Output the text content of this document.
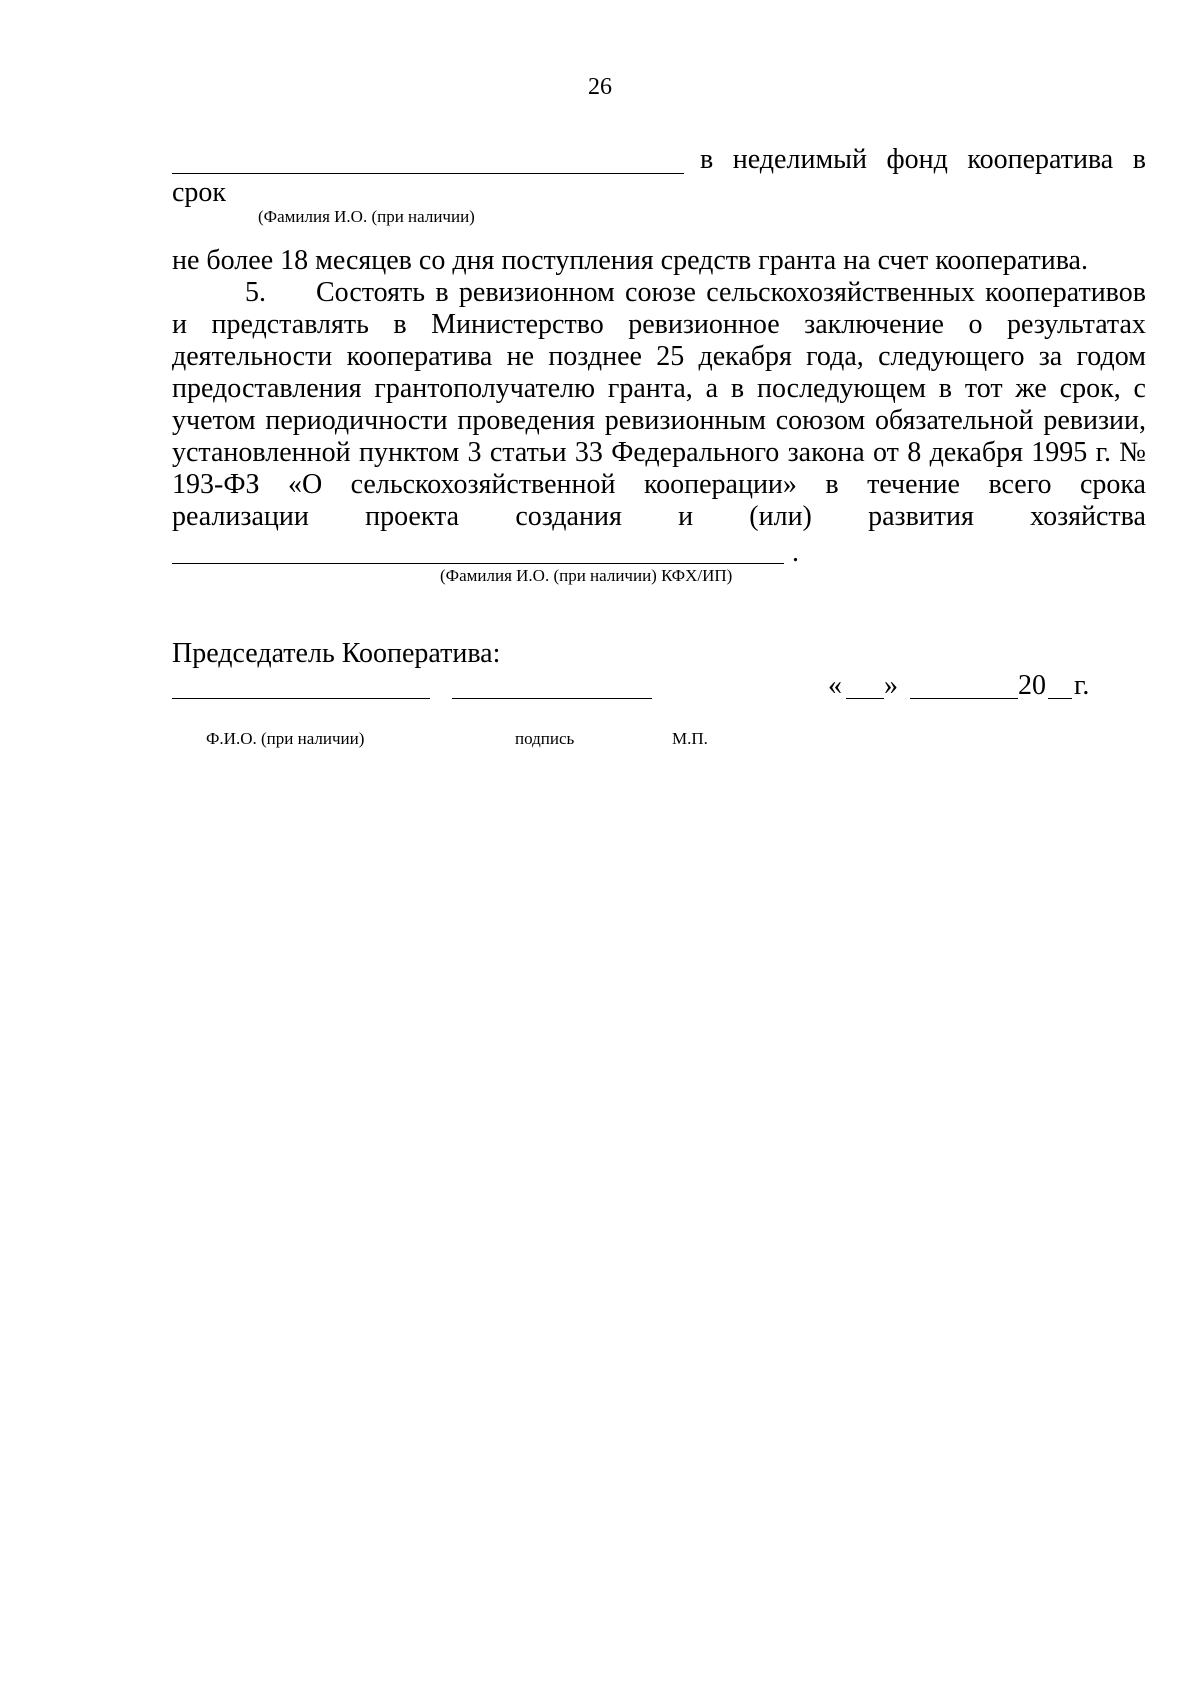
26
в неделимый фонд кооператива в
срок
(Фамилия И.О. (при наличии)
не более 18 месяцев со дня поступления средств гранта на счет кооператива.
5. Состоять в ревизионном союзе сельскохозяйственных кооперативов
и представлять в Министерство ревизионное заключение о результатах
деятельности кооператива не позднее 25 декабря года, следующего за годом
предоставления грантополучателю гранта, а в последующем в тот же срок, с
учетом периодичности проведения ревизионным союзом обязательной ревизии,
установленной пунктом 3 статьи 33 Федерального закона от 8 декабря 1995 г. №
193-ФЗ «О сельскохозяйственной кооперации» в течение всего срока
реализации проекта создания и (или) развития хозяйства
.
(Фамилия И.О. (при наличии) КФХ/ИП)
Председатель Кооператива:
« »	20 г.
Ф.И.О. (при наличии)	подпись	М.П.
